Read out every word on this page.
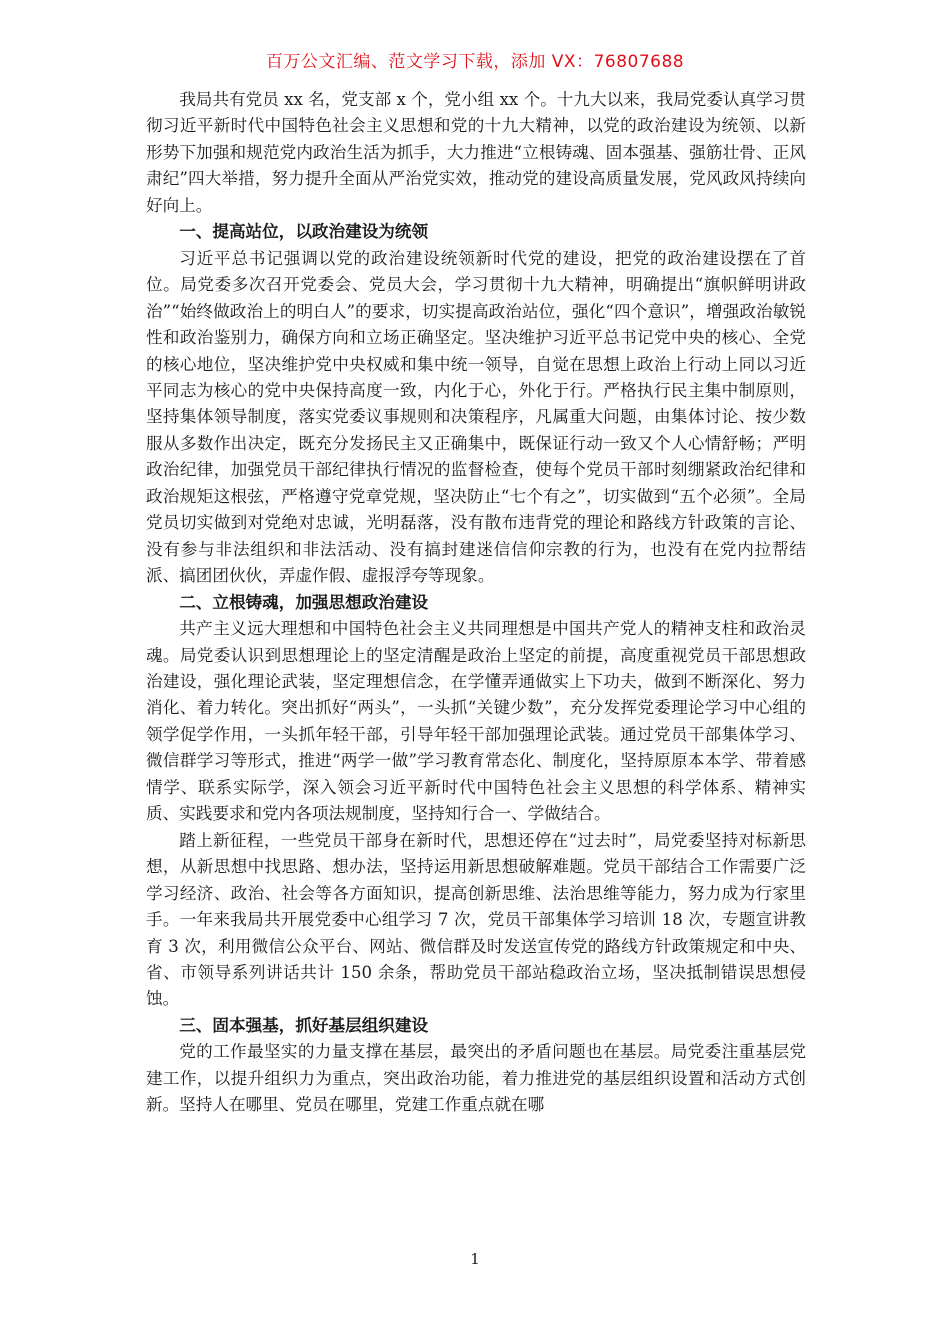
百万公文汇编、范文学习下载，添加 VX：76807688

我局共有党员 xx 名，党支部 x 个，党小组 xx 个。十九大以来，我局党委认真学习贯彻习近平新时代中国特色社会主义思想和党的十九大精神，以党的政治建设为统领、以新形势下加强和规范党内政治生活为抓手，大力推进“立根铸魂、固本强基、强筋壮骨、正风肃纪”四大举措，努力提升全面从严治党实效，推动党的建设高质量发展，党风政风持续向好向上。

一、提高站位，以政治建设为统领

习近平总书记强调以党的政治建设统领新时代党的建设，把党的政治建设摆在了首位。局党委多次召开党委会、党员大会，学习贯彻十九大精神，明确提出“旗帜鲜明讲政治”“始终做政治上的明白人”的要求，切实提高政治站位，强化“四个意识”，增强政治敏锐性和政治鉴别力，确保方向和立场正确坚定。坚决维护习近平总书记党中央的核心、全党的核心地位，坚决维护党中央权威和集中统一领导，自觉在思想上政治上行动上同以习近平同志为核心的党中央保持高度一致，内化于心，外化于行。严格执行民主集中制原则，坚持集体领导制度，落实党委议事规则和决策程序，凡属重大问题，由集体讨论、按少数服从多数作出决定，既充分发扬民主又正确集中，既保证行动一致又个人心情舒畅；严明政治纪律，加强党员干部纪律执行情况的监督检查，使每个党员干部时刻绷紧政治纪律和政治规矩这根弦，严格遵守党章党规，坚决防止“七个有之”，切实做到“五个必须”。全局党员切实做到对党绝对忠诚，光明磊落，没有散布违背党的理论和路线方针政策的言论、没有参与非法组织和非法活动、没有搞封建迷信信仰宗教的行为，也没有在党内拉帮结派、搞团团伙伙，弄虚作假、虚报浮夸等现象。

二、立根铸魂，加强思想政治建设

共产主义远大理想和中国特色社会主义共同理想是中国共产党人的精神支柱和政治灵魂。局党委认识到思想理论上的坚定清醒是政治上坚定的前提，高度重视党员干部思想政治建设，强化理论武装，坚定理想信念，在学懂弄通做实上下功夫，做到不断深化、努力消化、着力转化。突出抓好“两头”，一头抓“关键少数”，充分发挥党委理论学习中心组的领学促学作用，一头抓年轻干部，引导年轻干部加强理论武装。通过党员干部集体学习、微信群学习等形式，推进“两学一做”学习教育常态化、制度化，坚持原原本本学、带着感情学、联系实际学，深入领会习近平新时代中国特色社会主义思想的科学体系、精神实质、实践要求和党内各项法规制度，坚持知行合一、学做结合。

踏上新征程，一些党员干部身在新时代，思想还停在“过去时”，局党委坚持对标新思想，从新思想中找思路、想办法，坚持运用新思想破解难题。党员干部结合工作需要广泛学习经济、政治、社会等各方面知识，提高创新思维、法治思维等能力，努力成为行家里手。一年来我局共开展党委中心组学习 7 次，党员干部集体学习培训 18 次，专题宣讲教育 3 次，利用微信公众平台、网站、微信群及时发送宣传党的路线方针政策规定和中央、省、市领导系列讲话共计 150 余条，帮助党员干部站稳政治立场，坚决抵制错误思想侵蚀。

三、固本强基，抓好基层组织建设

党的工作最坚实的力量支撑在基层，最突出的矛盾问题也在基层。局党委注重基层党建工作，以提升组织力为重点，突出政治功能，着力推进党的基层组织设置和活动方式创新。坚持人在哪里、党员在哪里，党建工作重点就在哪

1
